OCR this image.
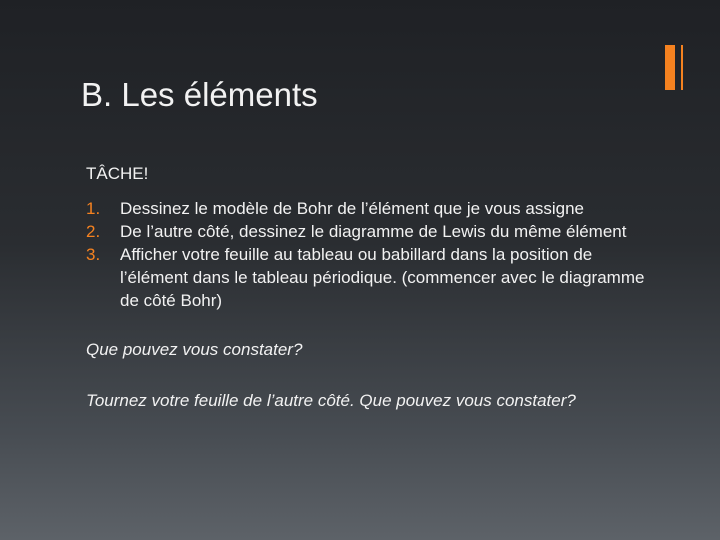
B. Les éléments

TÂCHE!

1.	Dessinez le modèle de Bohr de l’élément que je vous assigne
2.	De l’autre côté, dessinez le diagramme de Lewis du même élément
3.	Afficher votre feuille au tableau ou babillard dans la position de l’élément dans le tableau périodique. (commencer avec le diagramme de côté Bohr)

Que pouvez vous constater?

Tournez votre feuille de l’autre côté. Que pouvez vous constater?
